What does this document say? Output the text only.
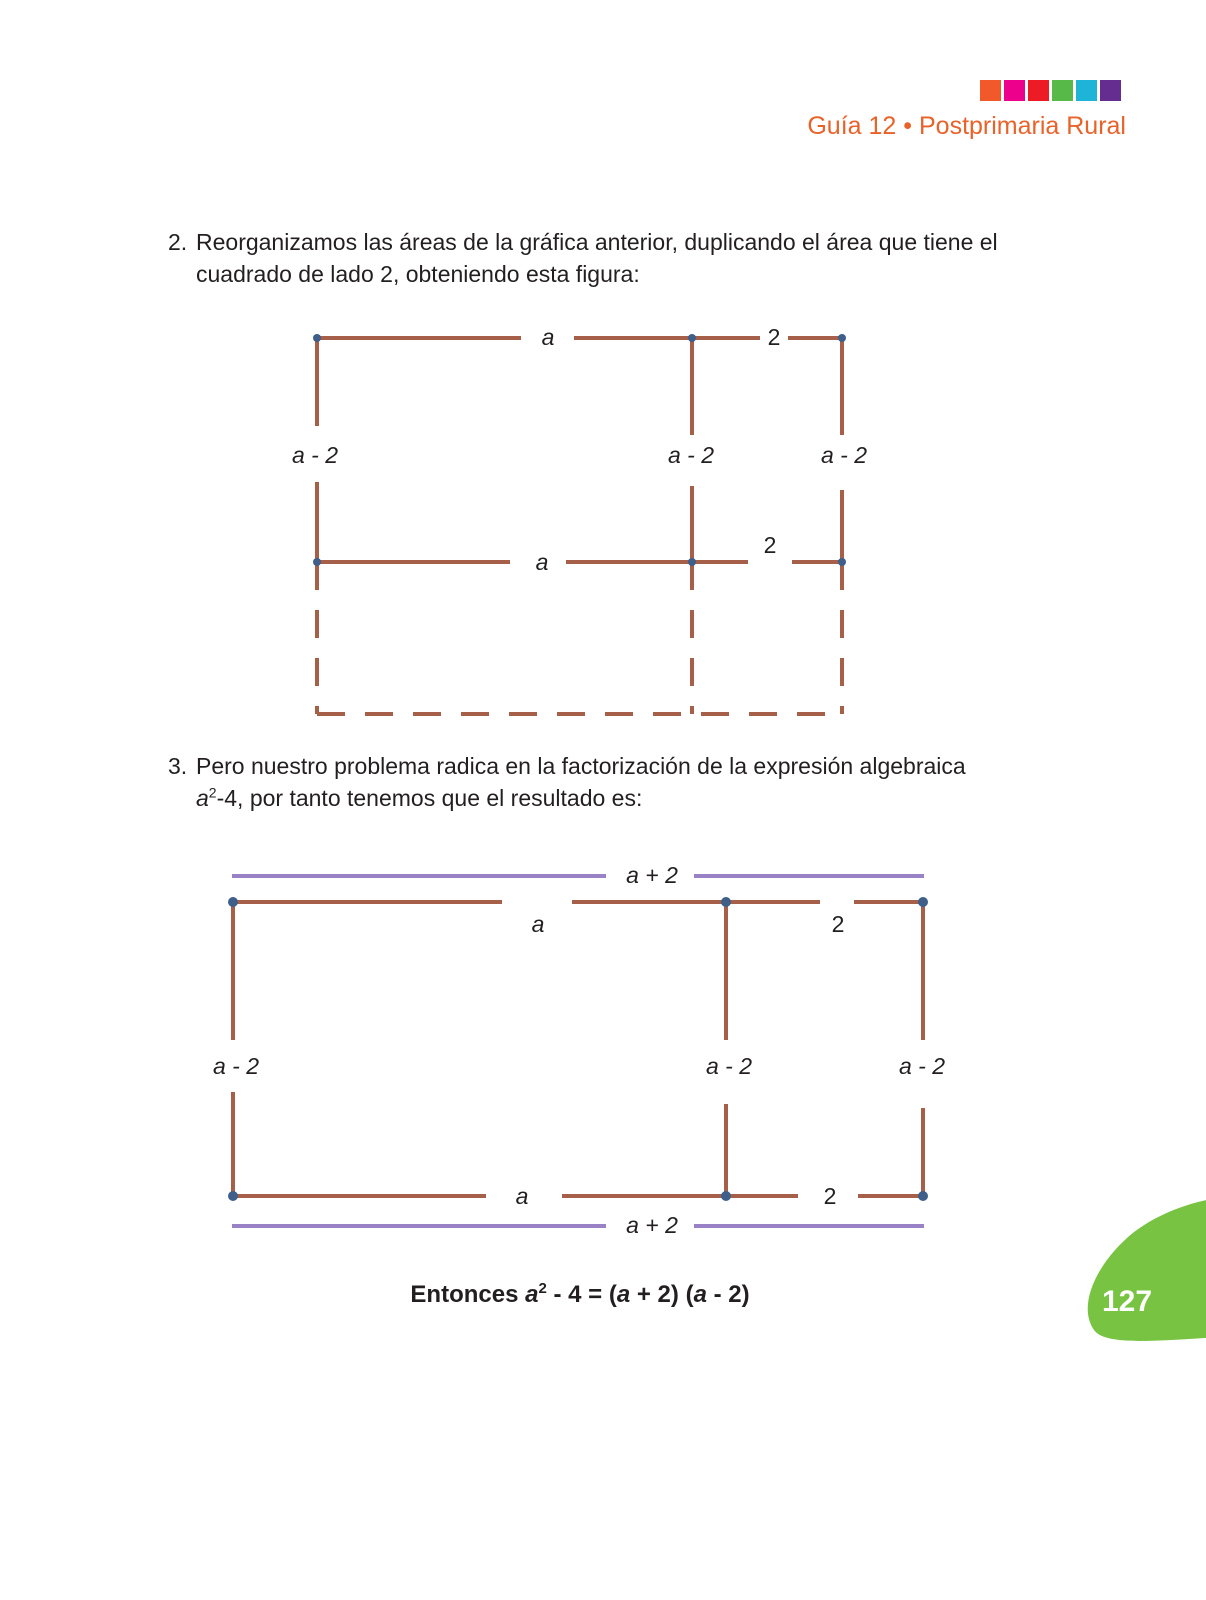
Guía 12 • Postprimaria Rural
2. Reorganizamos las áreas de la gráfica anterior, duplicando el área que tiene el cuadrado de lado 2, obteniendo esta figura:
a	2
a - 2	a - 2	a - 2
a
2
3. Pero nuestro problema radica en la factorización de la expresión algebraica
$a^2-4$, por tanto tenemos que el resultado es:
a + 2
a	2
a - 2	a - 2	a - 2
a	2
a + 2
Entonces $a^2 - 4 = (a + 2)$ (a - 2)	127
